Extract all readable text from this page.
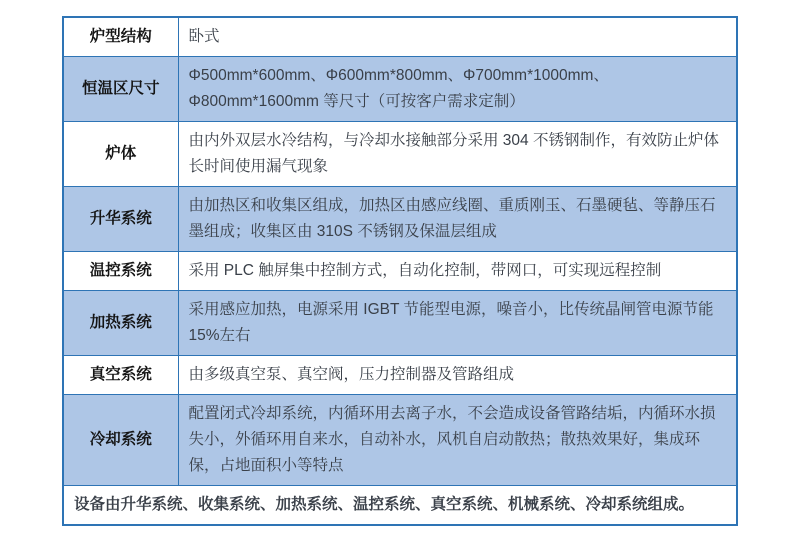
炉型结构	卧式
恒温区尺寸	Φ500mm*600mm、Φ600mm*800mm、Φ700mm*1000mm、Φ800mm*1600mm 等尺寸（可按客户需求定制）
炉体	由内外双层水冷结构，与冷却水接触部分采用 304 不锈钢制作，有效防止炉体长时间使用漏气现象
升华系统	由加热区和收集区组成，加热区由感应线圈、重质刚玉、石墨硬毡、等静压石墨组成；收集区由 310S 不锈钢及保温层组成
温控系统	采用 PLC 触屏集中控制方式，自动化控制，带网口，可实现远程控制
加热系统	采用感应加热，电源采用 IGBT 节能型电源，噪音小，比传统晶闸管电源节能 15%左右
真空系统	由多级真空泵、真空阀，压力控制器及管路组成
冷却系统	配置闭式冷却系统，内循环用去离子水，不会造成设备管路结垢，内循环水损失小，外循环用自来水，自动补水，风机自启动散热；散热效果好，集成环保，占地面积小等特点
设备由升华系统、收集系统、加热系统、温控系统、真空系统、机械系统、冷却系统组成。	
